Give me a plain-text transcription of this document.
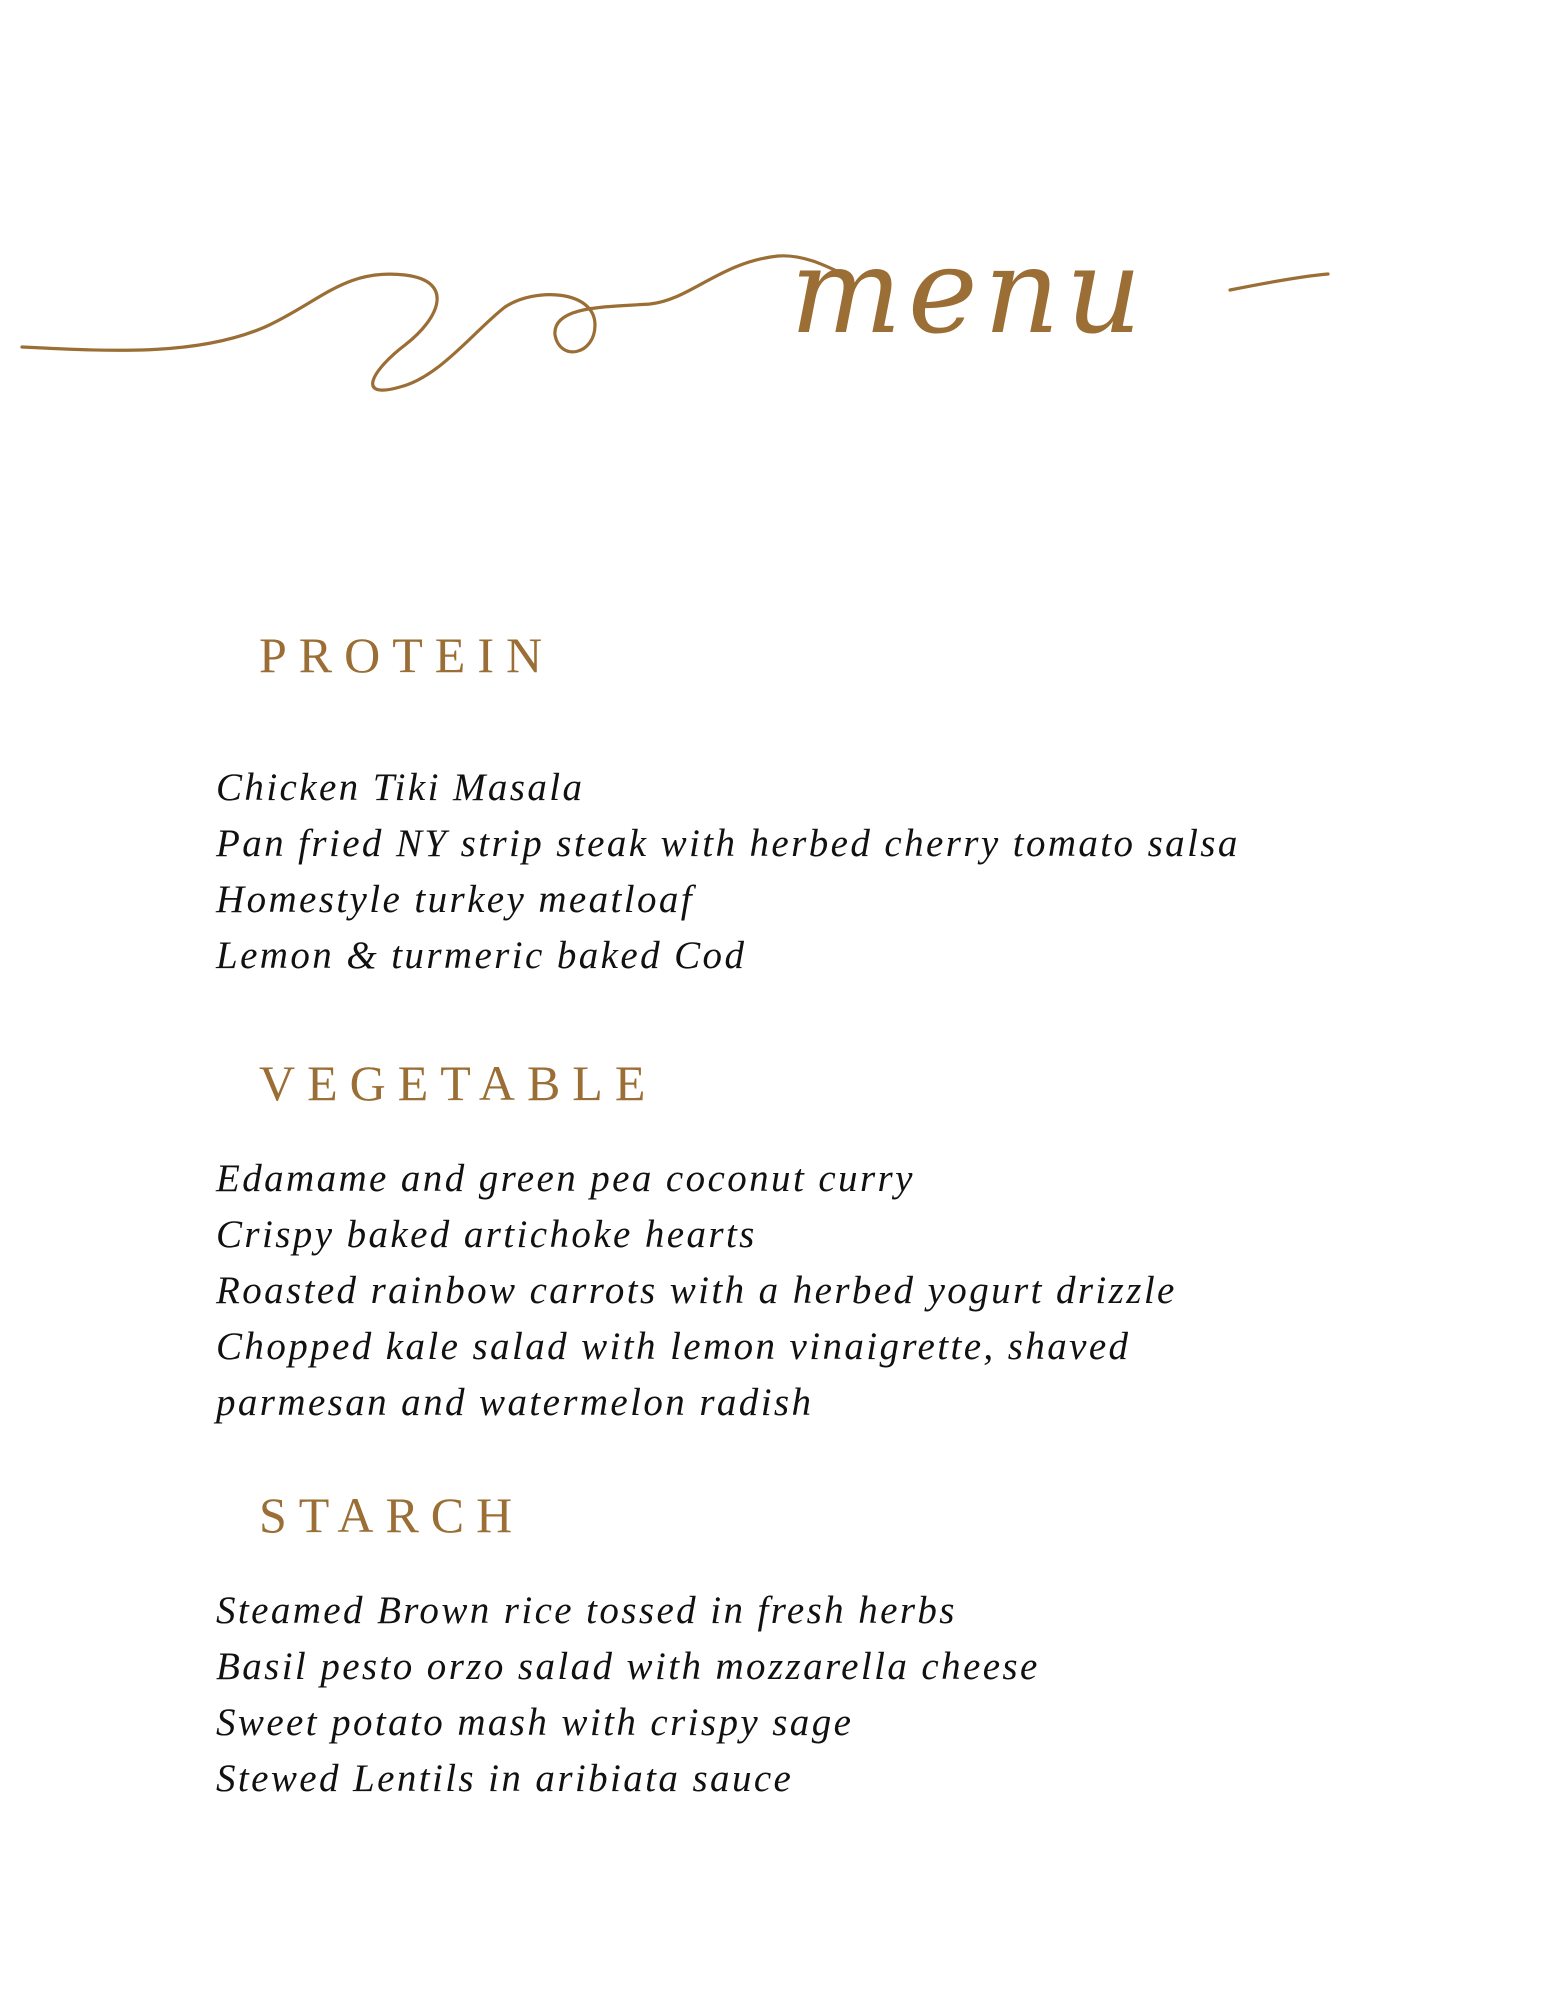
menu
PROTEIN
Chicken Tiki Masala
Pan fried NY strip steak with herbed cherry tomato salsa
Homestyle turkey meatloaf
Lemon & turmeric baked Cod
VEGETABLE
Edamame and green pea coconut curry
Crispy baked artichoke hearts
Roasted rainbow carrots with a herbed yogurt drizzle
Chopped kale salad with lemon vinaigrette, shaved
parmesan and watermelon radish
STARCH
Steamed Brown rice tossed in fresh herbs
Basil pesto orzo salad with mozzarella cheese
Sweet potato mash with crispy sage
Stewed Lentils in aribiata sauce
